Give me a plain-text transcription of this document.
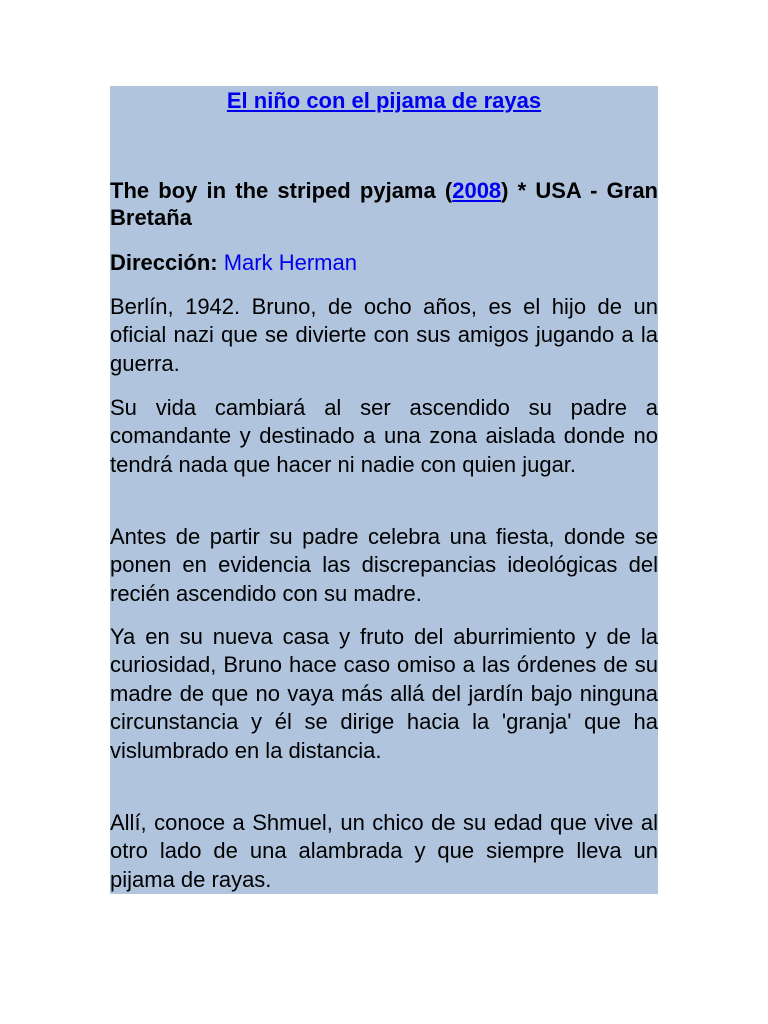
El niño con el pijama de rayas
The boy in the striped pyjama (2008) * USA - Gran Bretaña
Dirección: Mark Herman
Berlín, 1942. Bruno, de ocho años, es el hijo de un oficial nazi que se divierte con sus amigos jugando a la guerra.
Su vida cambiará al ser ascendido su padre a comandante y destinado a una zona aislada donde no tendrá nada que hacer ni nadie con quien jugar.
Antes de partir su padre celebra una fiesta, donde se ponen en evidencia las discrepancias ideológicas del recién ascendido con su madre.
Ya en su nueva casa y fruto del aburrimiento y de la curiosidad, Bruno hace caso omiso a las órdenes de su madre de que no vaya más allá del jardín bajo ninguna circunstancia y él se dirige hacia la 'granja' que ha vislumbrado en la distancia.
Allí, conoce a Shmuel, un chico de su edad que vive al otro lado de una alambrada y que siempre lleva un pijama de rayas.
